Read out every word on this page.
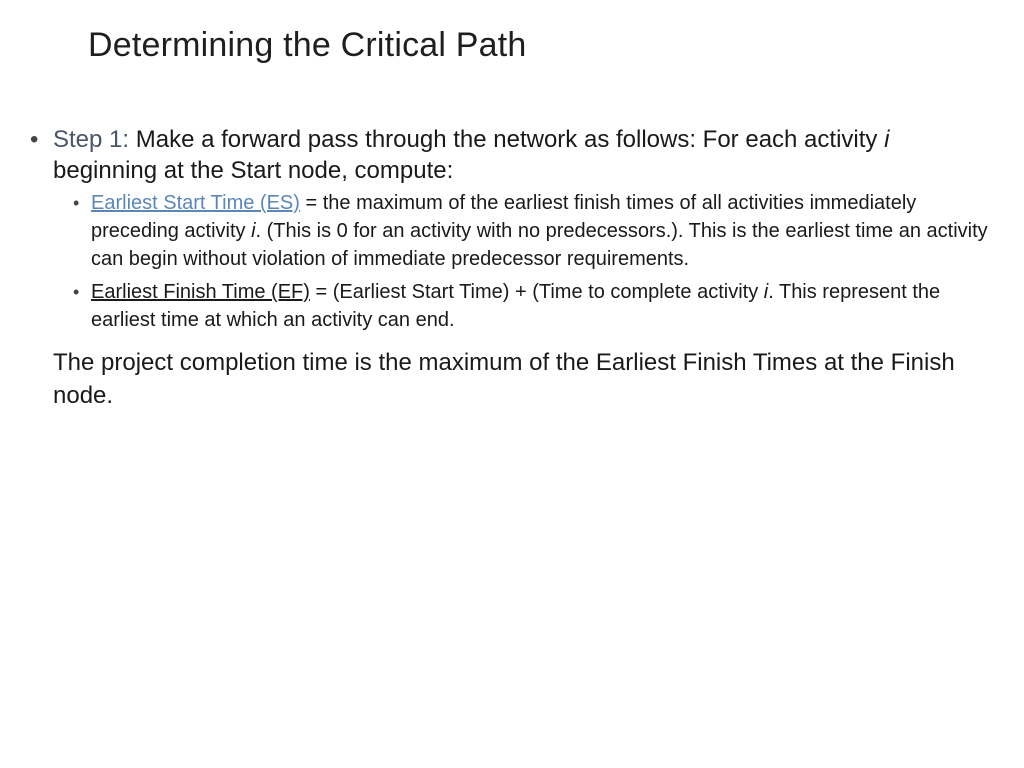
Determining the Critical Path

• Step 1: Make a forward pass through the network as follows: For each activity i beginning at the Start node, compute:

• Earliest Start Time (ES) = the maximum of the earliest finish times of all activities immediately preceding activity i. (This is 0 for an activity with no predecessors.). This is the earliest time an activity can begin without violation of immediate predecessor requirements.
• Earliest Finish Time (EF) = (Earliest Start Time) + (Time to complete activity i. This represent the earliest time at which an activity can end.

The project completion time is the maximum of the Earliest Finish Times at the Finish node.
